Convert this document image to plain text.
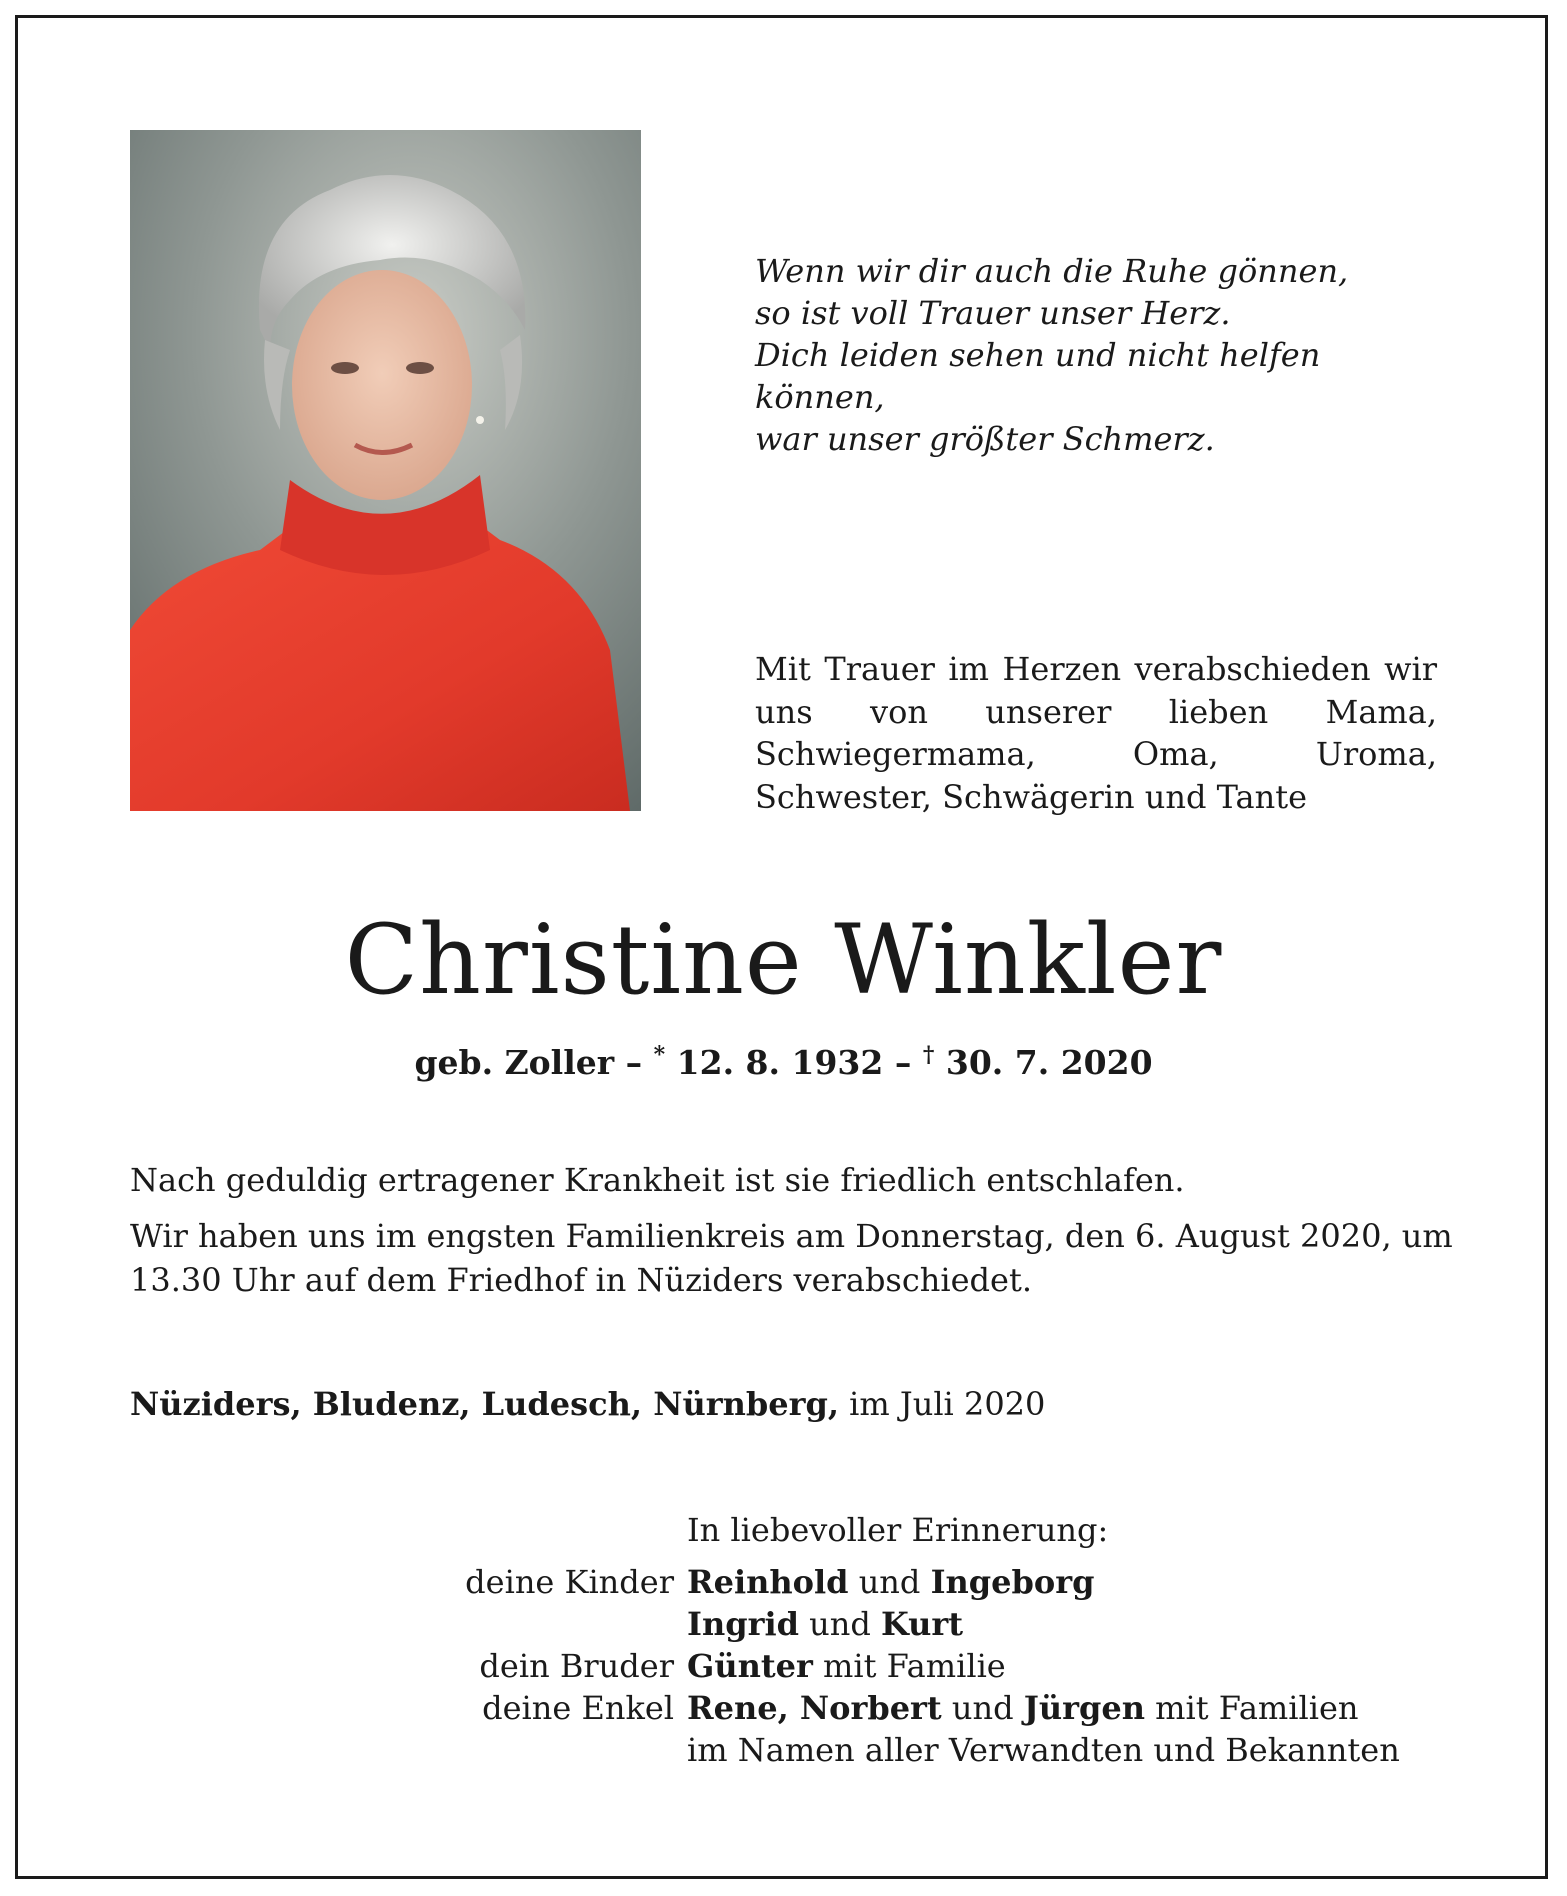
Wenn wir dir auch die Ruhe gönnen,
so ist voll Trauer unser Herz.
Dich leiden sehen und nicht helfen können,
war unser größter Schmerz.

Mit Trauer im Herzen verabschieden wir uns von unserer lieben Mama, Schwiegermama, Oma, Uroma, Schwester, Schwägerin und Tante

Christine Winkler

geb. Zoller – * 12. 8. 1932 – † 30. 7. 2020

Nach geduldig ertragener Krankheit ist sie friedlich entschlafen.

Wir haben uns im engsten Familienkreis am Donnerstag, den 6. August 2020, um 13.30 Uhr auf dem Friedhof in Nüziders verabschiedet.

Nüziders, Bludenz, Ludesch, Nürnberg, im Juli 2020

In liebevoller Erinnerung:

deine Kinder Reinhold und Ingeborg
Ingrid und Kurt
dein Bruder Günter mit Familie
deine Enkel Rene, Norbert und Jürgen mit Familien
im Namen aller Verwandten und Bekannten
